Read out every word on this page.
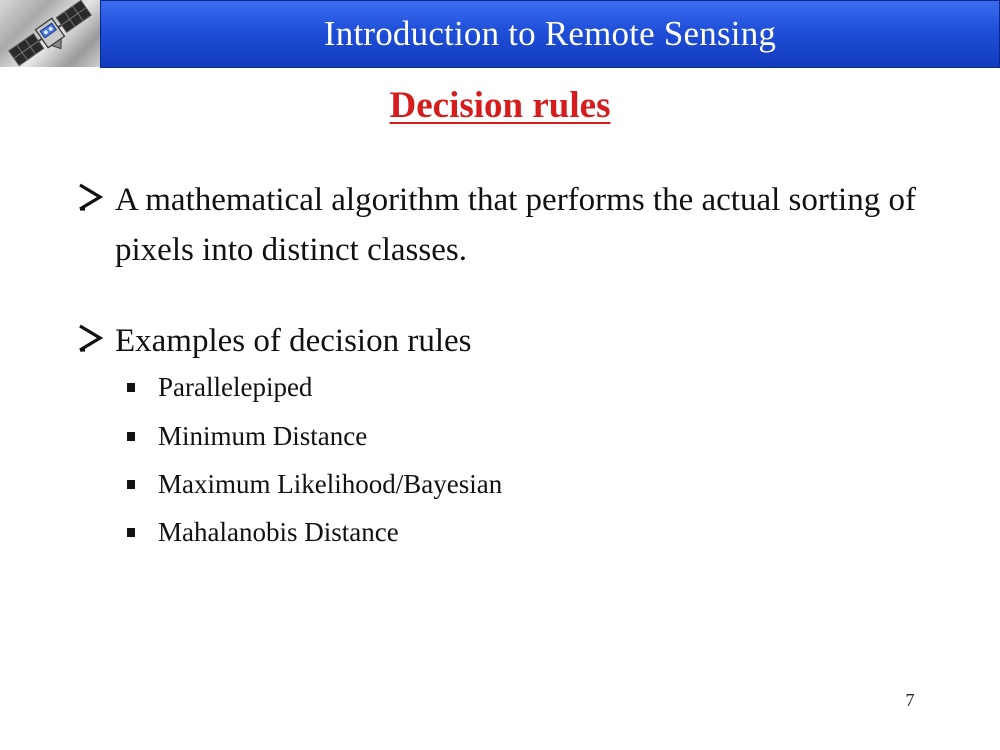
Introduction to Remote Sensing
Decision rules
A mathematical algorithm that performs the actual sorting of pixels into distinct classes.
Examples of decision rules
Parallelepiped
Minimum Distance
Maximum Likelihood/Bayesian
Mahalanobis Distance
7
